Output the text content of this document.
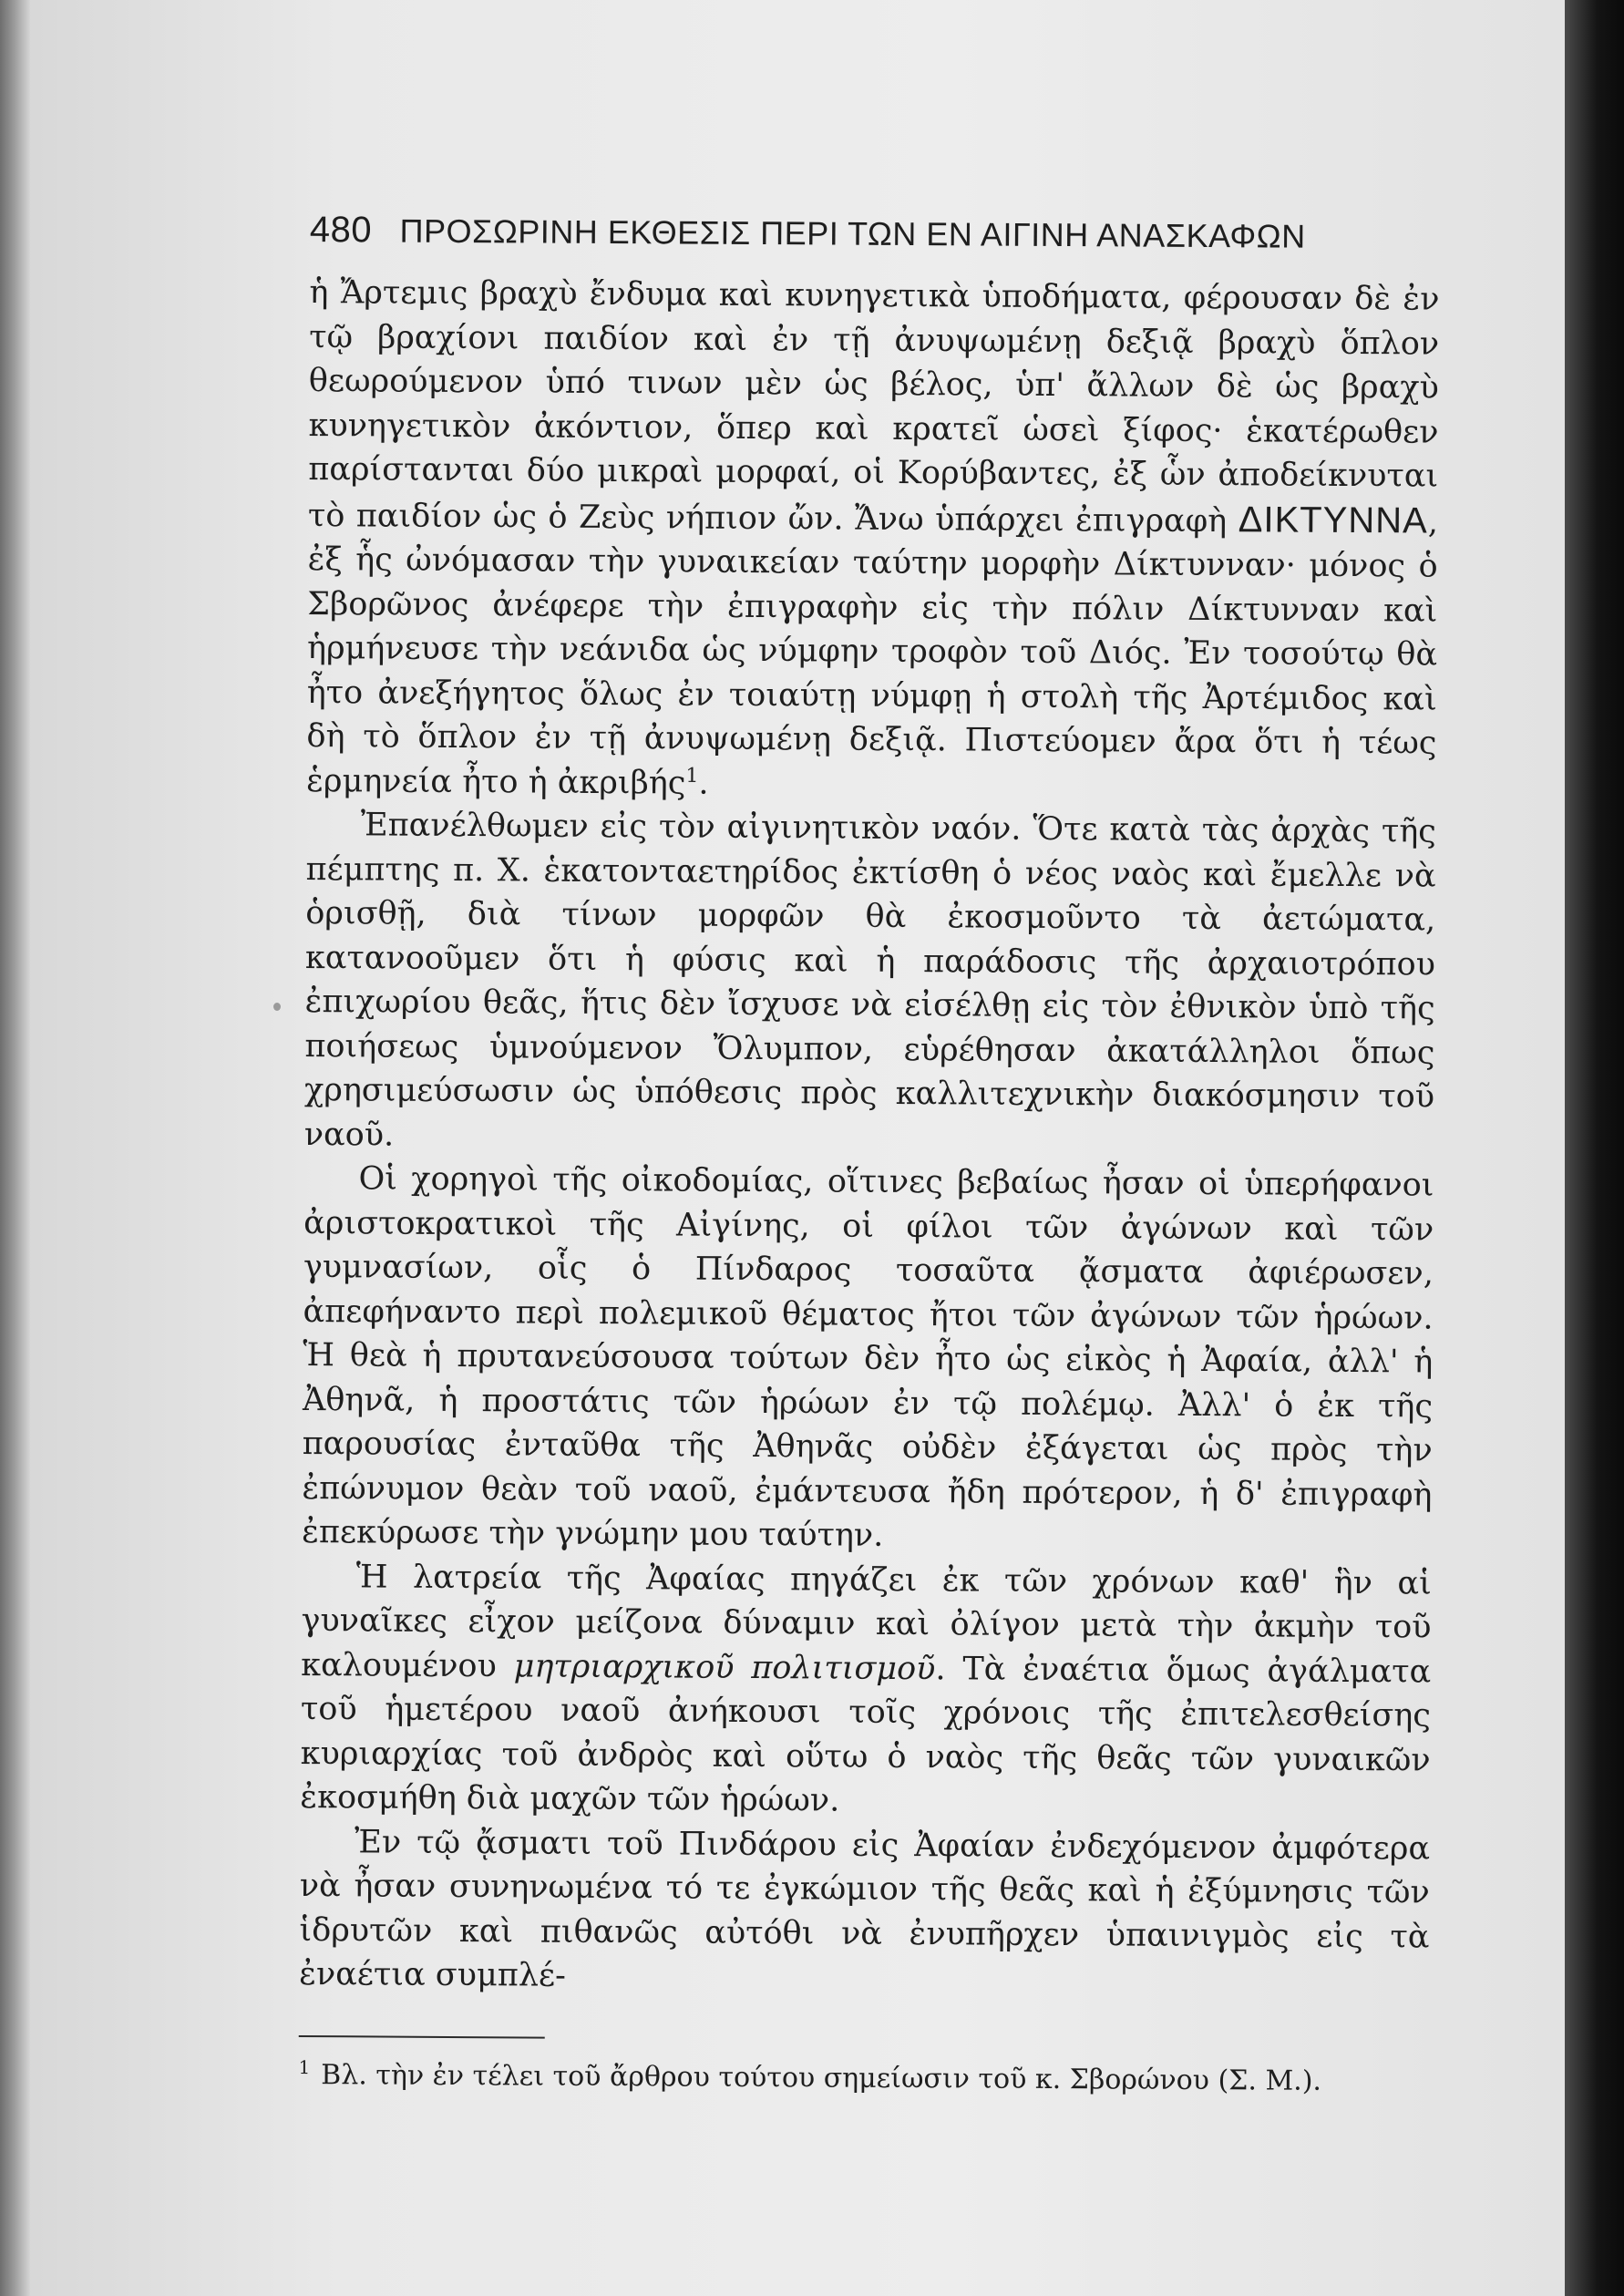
480 ΠΡΟΣΩΡΙΝΗ ΕΚΘΕΣΙΣ ΠΕΡΙ ΤΩΝ ΕΝ ΑΙΓΙΝΗ ΑΝΑΣΚΑΦΩΝ

ἡ Ἄρτεμις βραχὺ ἔνδυμα καὶ κυνηγετικὰ ὑποδήματα, φέρουσαν δὲ ἐν τῷ βραχίονι παιδίον καὶ ἐν τῇ ἀνυψωμένῃ δεξιᾷ βραχὺ ὅπλον θεωρούμενον ὑπό τινων μὲν ὡς βέλος, ὑπ' ἄλλων δὲ ὡς βραχὺ κυνηγετικὸν ἀκόντιον, ὅπερ καὶ κρατεῖ ὡσεὶ ξίφος· ἑκατέρωθεν παρίστανται δύο μικραὶ μορφαί, οἱ Κορύβαντες, ἐξ ὧν ἀποδείκνυται τὸ παιδίον ὡς ὁ Ζεὺς νήπιον ὤν. Ἄνω ὑπάρχει ἐπιγραφὴ ΔΙΚΤΥΝΝΑ, ἐξ ἧς ὠνόμασαν τὴν γυναικείαν ταύτην μορφὴν Δίκτυνναν· μόνος ὁ Σβορῶνος ἀνέφερε τὴν ἐπιγραφὴν εἰς τὴν πόλιν Δίκτυνναν καὶ ἡρμήνευσε τὴν νεάνιδα ὡς νύμφην τροφὸν τοῦ Διός. Ἐν τοσούτῳ θὰ ἦτο ἀνεξήγητος ὅλως ἐν τοιαύτῃ νύμφῃ ἡ στολὴ τῆς Ἀρτέμιδος καὶ δὴ τὸ ὅπλον ἐν τῇ ἀνυψωμένῃ δεξιᾷ. Πιστεύομεν ἄρα ὅτι ἡ τέως ἑρμηνεία ἦτο ἡ ἀκριβής$^1$.

Ἐπανέλθωμεν εἰς τὸν αἰγινητικὸν ναόν. Ὅτε κατὰ τὰς ἀρχὰς τῆς πέμπτης π. Χ. ἑκατονταετηρίδος ἐκτίσθη ὁ νέος ναὸς καὶ ἔμελλε νὰ ὁρισθῇ, διὰ τίνων μορφῶν θὰ ἐκοσμοῦντο τὰ ἀετώματα, κατανοοῦμεν ὅτι ἡ φύσις καὶ ἡ παράδοσις τῆς ἀρχαιοτρόπου ἐπιχωρίου θεᾶς, ἥτις δὲν ἴσχυσε νὰ εἰσέλθῃ εἰς τὸν ἐθνικὸν ὑπὸ τῆς ποιήσεως ὑμνούμενον Ὄλυμπον, εὑρέθησαν ἀκατάλληλοι ὅπως χρησιμεύσωσιν ὡς ὑπόθεσις πρὸς καλλιτεχνικὴν διακόσμησιν τοῦ ναοῦ.

Οἱ χορηγοὶ τῆς οἰκοδομίας, οἵτινες βεβαίως ἦσαν οἱ ὑπερήφανοι ἀριστοκρατικοὶ τῆς Αἰγίνης, οἱ φίλοι τῶν ἀγώνων καὶ τῶν γυμνασίων, οἷς ὁ Πίνδαρος τοσαῦτα ᾄσματα ἀφιέρωσεν, ἀπεφήναντο περὶ πολεμικοῦ θέματος ἤτοι τῶν ἀγώνων τῶν ἡρώων. Ἡ θεὰ ἡ πρυτανεύσουσα τούτων δὲν ἦτο ὡς εἰκὸς ἡ Ἀφαία, ἀλλ' ἡ Ἀθηνᾶ, ἡ προστάτις τῶν ἡρώων ἐν τῷ πολέμῳ. Ἀλλ' ὁ ἐκ τῆς παρουσίας ἐνταῦθα τῆς Ἀθηνᾶς οὐδὲν ἐξάγεται ὡς πρὸς τὴν ἐπώνυμον θεὰν τοῦ ναοῦ, ἐμάντευσα ἤδη πρότερον, ἡ δ' ἐπιγραφὴ ἐπεκύρωσε τὴν γνώμην μου ταύτην.

Ἡ λατρεία τῆς Ἀφαίας πηγάζει ἐκ τῶν χρόνων καθ' ἣν αἱ γυναῖκες εἶχον μείζονα δύναμιν καὶ ὀλίγον μετὰ τὴν ἀκμὴν τοῦ καλουμένου μητριαρχικοῦ πολιτισμοῦ. Τὰ ἐναέτια ὅμως ἀγάλματα τοῦ ἡμετέρου ναοῦ ἀνήκουσι τοῖς χρόνοις τῆς ἐπιτελεσθείσης κυριαρχίας τοῦ ἀνδρὸς καὶ οὕτω ὁ ναὸς τῆς θεᾶς τῶν γυναικῶν ἐκοσμήθη διὰ μαχῶν τῶν ἡρώων.

Ἐν τῷ ᾄσματι τοῦ Πινδάρου εἰς Ἀφαίαν ἐνδεχόμενον ἀμφότερα νὰ ἦσαν συνηνωμένα τό τε ἐγκώμιον τῆς θεᾶς καὶ ἡ ἐξύμνησις τῶν ἱδρυτῶν καὶ πιθανῶς αὐτόθι νὰ ἐνυπῆρχεν ὑπαινιγμὸς εἰς τὰ ἐναέτια συμπλέ-

$^1$ Βλ. τὴν ἐν τέλει τοῦ ἄρθρου τούτου σημείωσιν τοῦ κ. Σβορώνου (Σ. Μ.).
